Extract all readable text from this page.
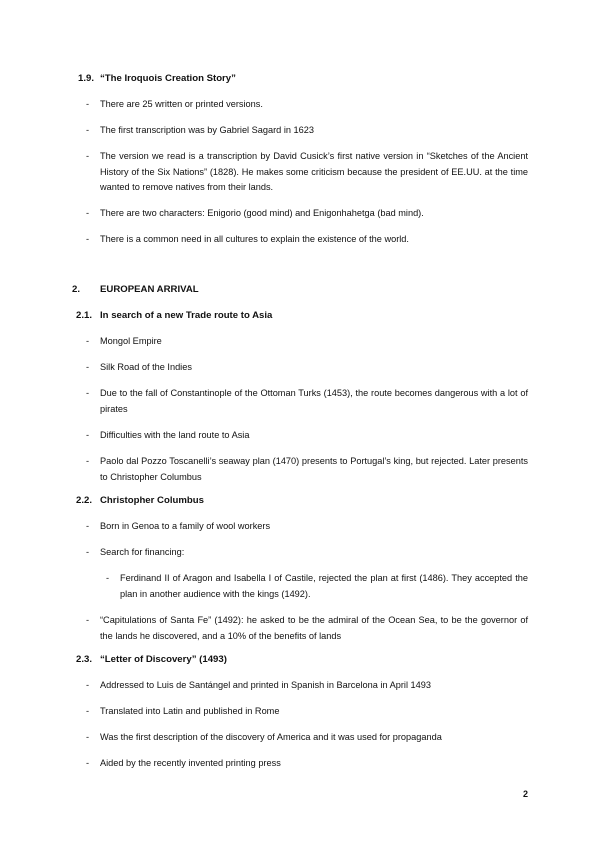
1.9. “The Iroquois Creation Story”
- There are 25 written or printed versions.
- The first transcription was by Gabriel Sagard in 1623
- The version we read is a transcription by David Cusick’s first native version in “Sketches of the Ancient History of the Six Nations” (1828). He makes some criticism because the president of EE.UU. at the time wanted to remove natives from their lands.
- There are two characters: Enigorio (good mind) and Enigonhahetga (bad mind).
- There is a common need in all cultures to explain the existence of the world.
2. EUROPEAN ARRIVAL
2.1. In search of a new Trade route to Asia
- Mongol Empire
- Silk Road of the Indies
- Due to the fall of Constantinople of the Ottoman Turks (1453), the route becomes dangerous with a lot of pirates
- Difficulties with the land route to Asia
- Paolo dal Pozzo Toscanelli’s seaway plan (1470) presents to Portugal’s king, but rejected. Later presents to Christopher Columbus
2.2. Christopher Columbus
- Born in Genoa to a family of wool workers
- Search for financing:
- Ferdinand II of Aragon and Isabella I of Castile, rejected the plan at first (1486). They accepted the plan in another audience with the kings (1492).
- “Capitulations of Santa Fe” (1492): he asked to be the admiral of the Ocean Sea, to be the governor of the lands he discovered, and a 10% of the benefits of lands
2.3. “Letter of Discovery” (1493)
- Addressed to Luis de Santángel and printed in Spanish in Barcelona in April 1493
- Translated into Latin and published in Rome
- Was the first description of the discovery of America and it was used for propaganda
- Aided by the recently invented printing press
2
